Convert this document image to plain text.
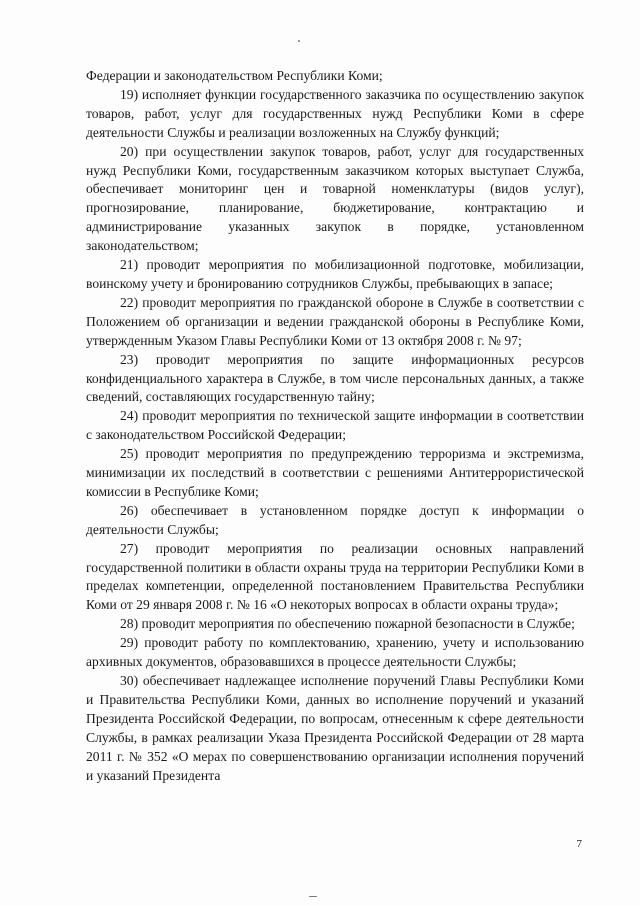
Федерации и законодательством Республики Коми;

19) исполняет функции государственного заказчика по осуществлению закупок товаров, работ, услуг для государственных нужд Республики Коми в сфере деятельности Службы и реализации возложенных на Службу функций;

20) при осуществлении закупок товаров, работ, услуг для государственных нужд Республики Коми, государственным заказчиком которых выступает Служба, обеспечивает мониторинг цен и товарной номенклатуры (видов услуг), прогнозирование, планирование, бюджетирование, контрактацию и администрирование указанных закупок в порядке, установленном законодательством;

21) проводит мероприятия по мобилизационной подготовке, мобилизации, воинскому учету и бронированию сотрудников Службы, пребывающих в запасе;

22) проводит мероприятия по гражданской обороне в Службе в соответствии с Положением об организации и ведении гражданской обороны в Республике Коми, утвержденным Указом Главы Республики Коми от 13 октября 2008 г. № 97;

23) проводит мероприятия по защите информационных ресурсов конфиденциального характера в Службе, в том числе персональных данных, а также сведений, составляющих государственную тайну;

24) проводит мероприятия по технической защите информации в соответствии с законодательством Российской Федерации;

25) проводит мероприятия по предупреждению терроризма и экстремизма, минимизации их последствий в соответствии с решениями Антитеррористической комиссии в Республике Коми;

26) обеспечивает в установленном порядке доступ к информации о деятельности Службы;

27) проводит мероприятия по реализации основных направлений государственной политики в области охраны труда на территории Республики Коми в пределах компетенции, определенной постановлением Правительства Республики Коми от 29 января 2008 г. № 16 «О некоторых вопросах в области охраны труда»;

28) проводит мероприятия по обеспечению пожарной безопасности в Службе;

29) проводит работу по комплектованию, хранению, учету и использованию архивных документов, образовавшихся в процессе деятельности Службы;

30) обеспечивает надлежащее исполнение поручений Главы Республики Коми и Правительства Республики Коми, данных во исполнение поручений и указаний Президента Российской Федерации, по вопросам, отнесенным к сфере деятельности Службы, в рамках реализации Указа Президента Российской Федерации от 28 марта 2011 г. № 352 «О мерах по совершенствованию организации исполнения поручений и указаний Президента

7
